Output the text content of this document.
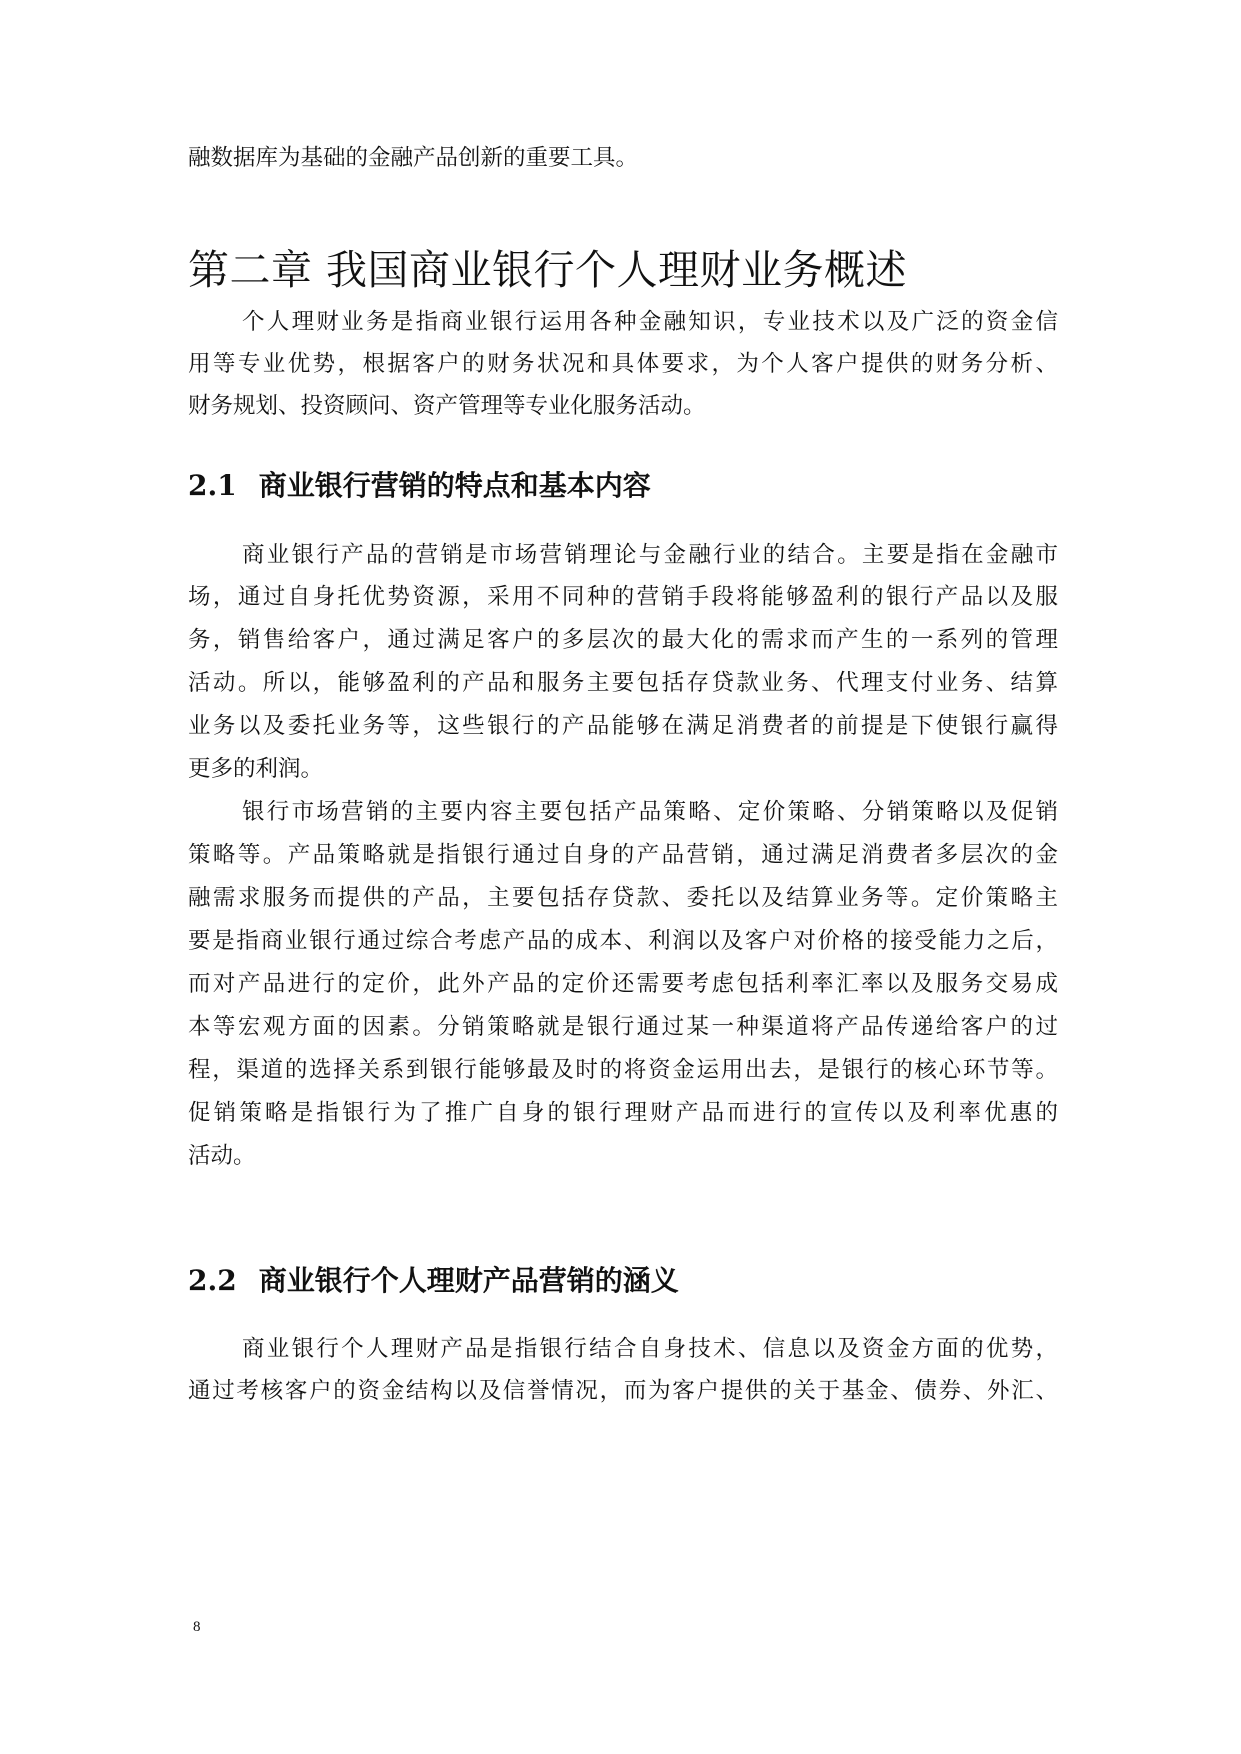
融数据库为基础的金融产品创新的重要工具。
第二章 我国商业银行个人理财业务概述
个人理财业务是指商业银行运用各种金融知识，专业技术以及广泛的资金信
用等专业优势，根据客户的财务状况和具体要求，为个人客户提供的财务分析、
财务规划、投资顾问、资产管理等专业化服务活动。
2.1 商业银行营销的特点和基本内容
商业银行产品的营销是市场营销理论与金融行业的结合。主要是指在金融市
场，通过自身托优势资源，采用不同种的营销手段将能够盈利的银行产品以及服
务，销售给客户，通过满足客户的多层次的最大化的需求而产生的一系列的管理
活动。所以，能够盈利的产品和服务主要包括存贷款业务、代理支付业务、结算
业务以及委托业务等，这些银行的产品能够在满足消费者的前提是下使银行赢得
更多的利润。
银行市场营销的主要内容主要包括产品策略、定价策略、分销策略以及促销
策略等。产品策略就是指银行通过自身的产品营销，通过满足消费者多层次的金
融需求服务而提供的产品，主要包括存贷款、委托以及结算业务等。定价策略主
要是指商业银行通过综合考虑产品的成本、利润以及客户对价格的接受能力之后，
而对产品进行的定价，此外产品的定价还需要考虑包括利率汇率以及服务交易成
本等宏观方面的因素。分销策略就是银行通过某一种渠道将产品传递给客户的过
程，渠道的选择关系到银行能够最及时的将资金运用出去，是银行的核心环节等。
促销策略是指银行为了推广自身的银行理财产品而进行的宣传以及利率优惠的
活动。
2.2 商业银行个人理财产品营销的涵义
商业银行个人理财产品是指银行结合自身技术、信息以及资金方面的优势，
通过考核客户的资金结构以及信誉情况，而为客户提供的关于基金、债券、外汇、
8
